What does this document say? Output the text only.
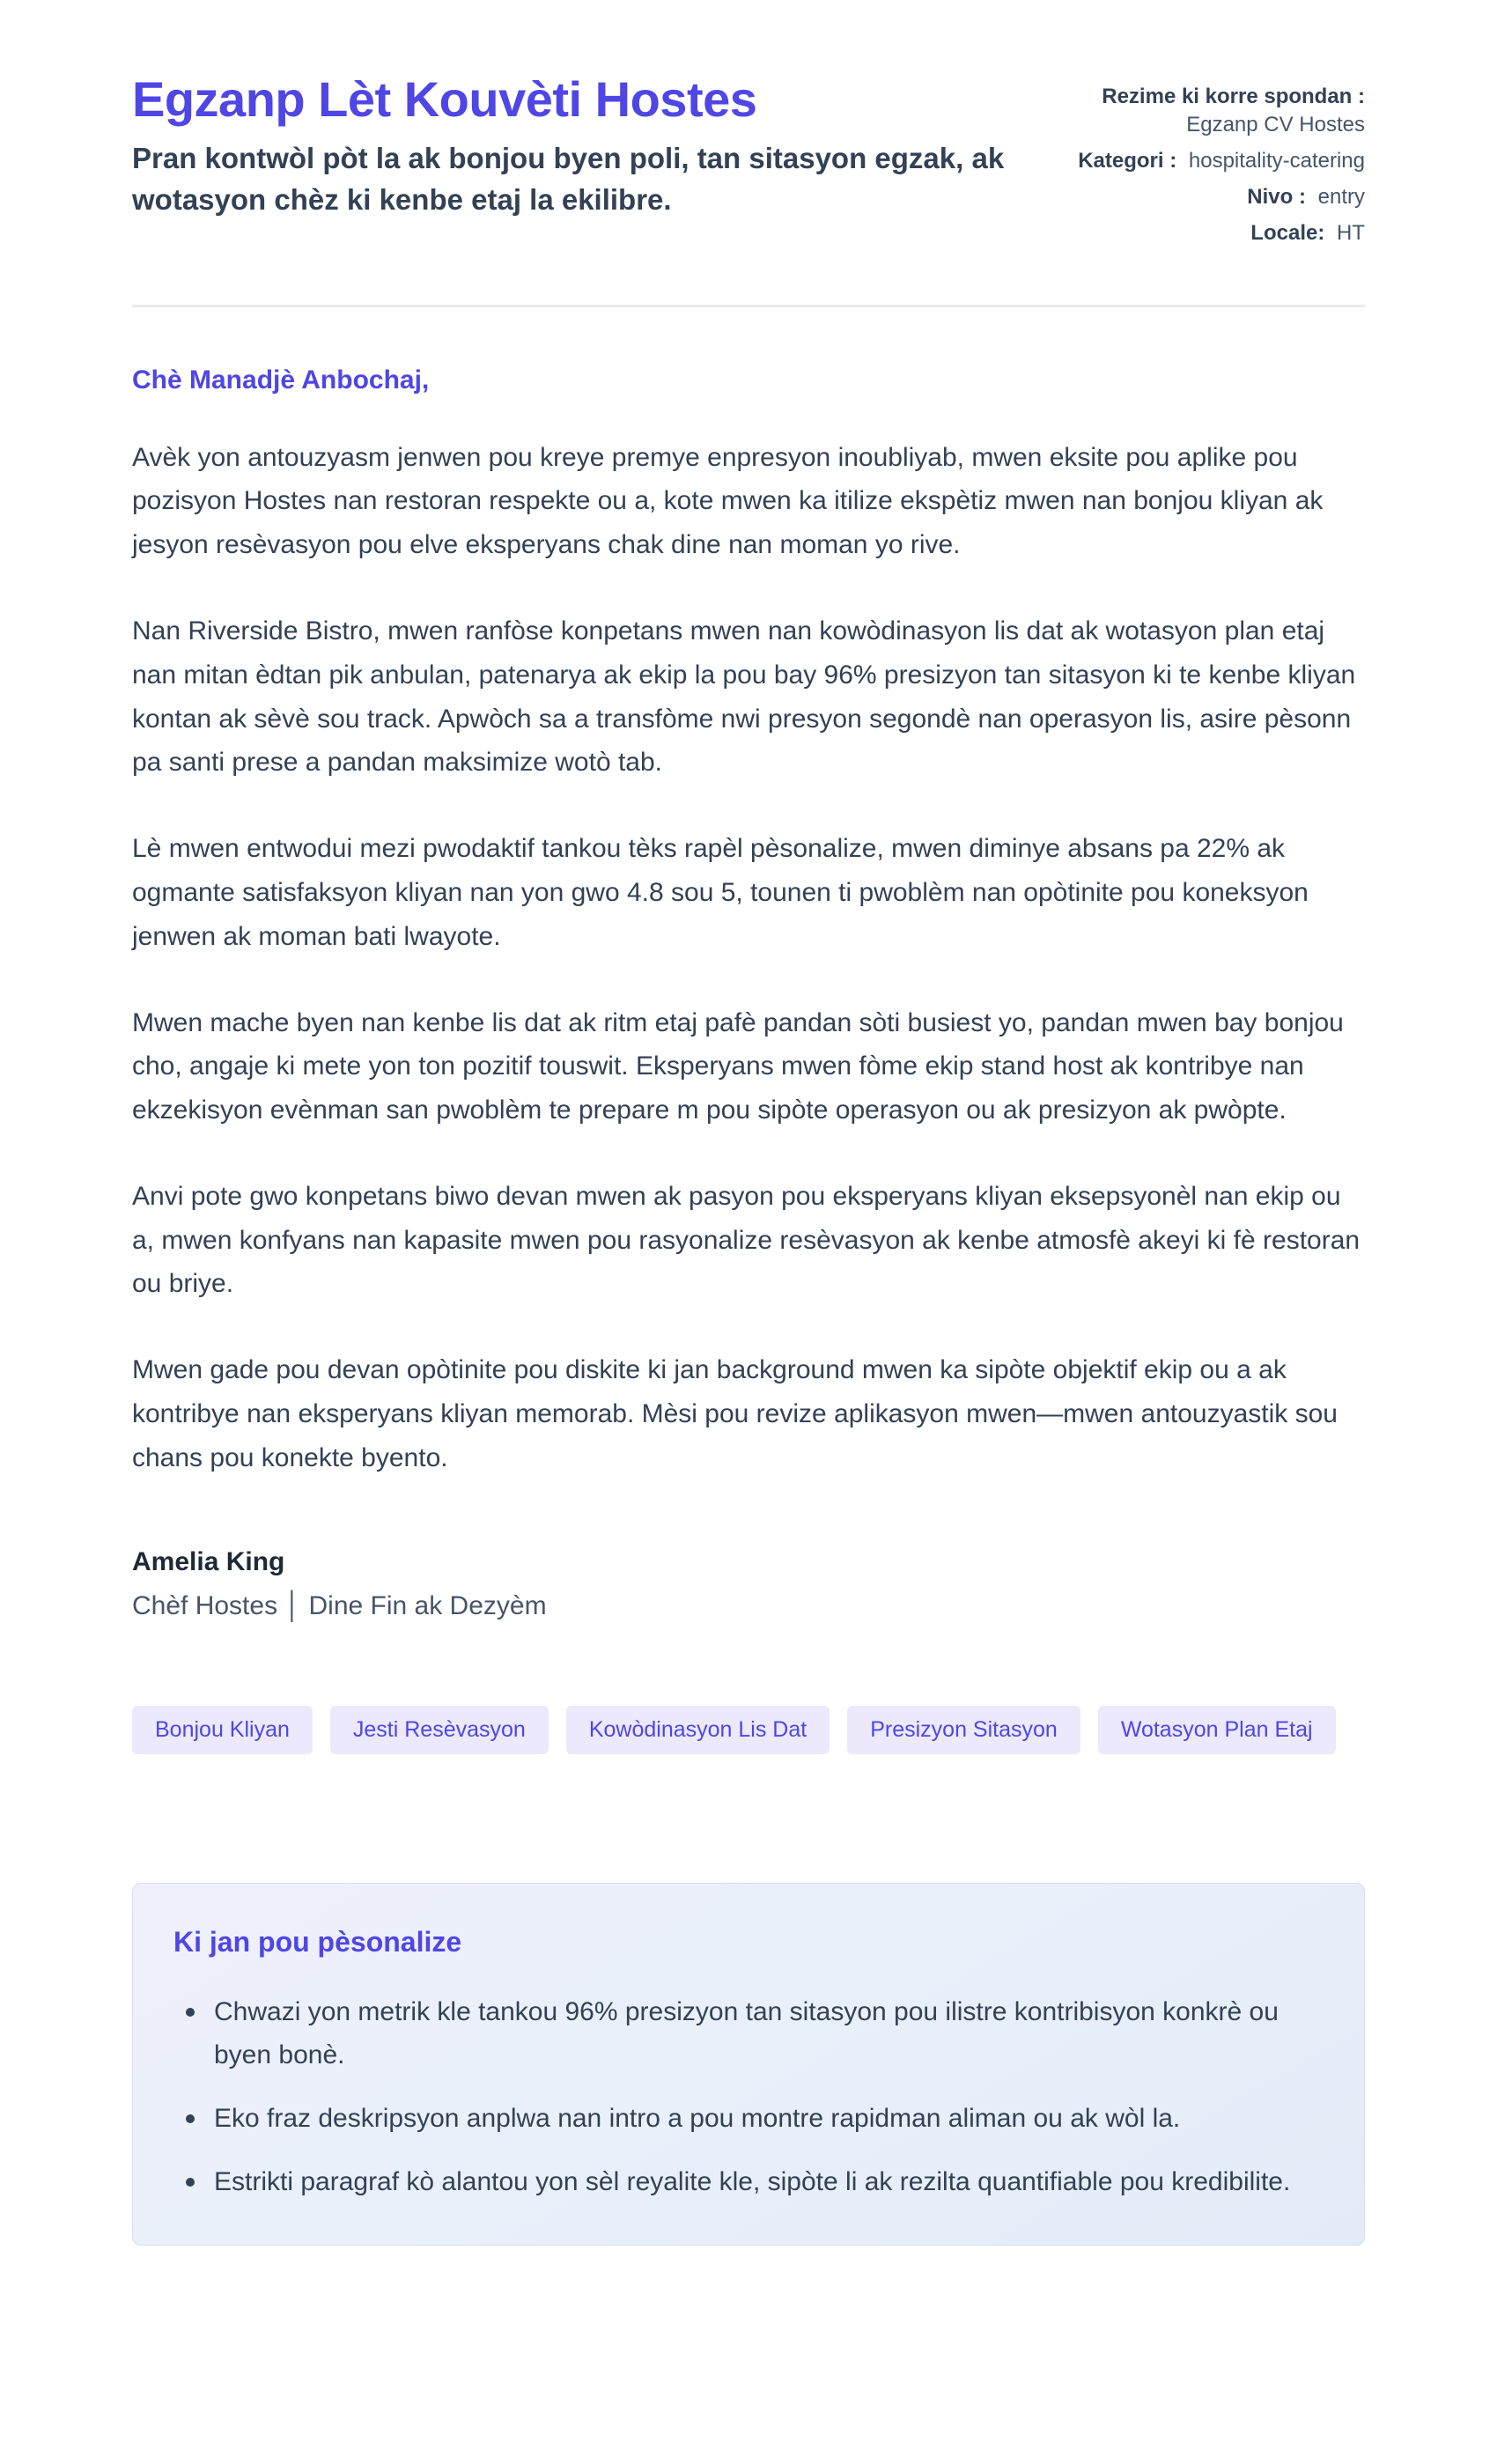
Egzanp Lèt Kouvèti Hostes

Pran kontwòl pòt la ak bonjou byen poli, tan sitasyon egzak, ak wotasyon chèz ki kenbe etaj la ekilibre.

Rezime ki korre spondan :
Egzanp CV Hostes
Kategori : hospitality-catering
Nivo : entry
Locale: HT

Chè Manadjè Anbochaj,

Avèk yon antouzyasm jenwen pou kreye premye enpresyon inoubliyab, mwen eksite pou aplike pou pozisyon Hostes nan restoran respekte ou a, kote mwen ka itilize ekspètiz mwen nan bonjou kliyan ak jesyon resèvasyon pou elve eksperyans chak dine nan moman yo rive.

Nan Riverside Bistro, mwen ranfòse konpetans mwen nan kowòdinasyon lis dat ak wotasyon plan etaj nan mitan èdtan pik anbulan, patenarya ak ekip la pou bay 96% presizyon tan sitasyon ki te kenbe kliyan kontan ak sèvè sou track. Apwòch sa a transfòme nwi presyon segondè nan operasyon lis, asire pèsonn pa santi prese a pandan maksimize wotò tab.

Lè mwen entwodui mezi pwodaktif tankou tèks rapèl pèsonalize, mwen diminye absans pa 22% ak ogmante satisfaksyon kliyan nan yon gwo 4.8 sou 5, tounen ti pwoblèm nan opòtinite pou koneksyon jenwen ak moman bati lwayote.

Mwen mache byen nan kenbe lis dat ak ritm etaj pafè pandan sòti busiest yo, pandan mwen bay bonjou cho, angaje ki mete yon ton pozitif touswit. Eksperyans mwen fòme ekip stand host ak kontribye nan ekzekisyon evènman san pwoblèm te prepare m pou sipòte operasyon ou ak presizyon ak pwòpte.

Anvi pote gwo konpetans biwo devan mwen ak pasyon pou eksperyans kliyan eksepsyonèl nan ekip ou a, mwen konfyans nan kapasite mwen pou rasyonalize resèvasyon ak kenbe atmosfè akeyi ki fè restoran ou briye.

Mwen gade pou devan opòtinite pou diskite ki jan background mwen ka sipòte objektif ekip ou a ak kontribye nan eksperyans kliyan memorab. Mèsi pou revize aplikasyon mwen—mwen antouzyastik sou chans pou konekte byento.

Amelia King
Chèf Hostes │ Dine Fin ak Dezyèm
Bonjou Kliyan	Jesti Resèvasyon	Kowòdinasyon Lis Dat	Presizyon Sitasyon	Wotasyon Plan Etaj
Ki jan pou pèsonalize
Chwazi yon metrik kle tankou 96% presizyon tan sitasyon pou ilistre kontribisyon konkrè ou byen bonè.
Eko fraz deskripsyon anplwa nan intro a pou montre rapidman aliman ou ak wòl la.
Estrikti paragraf kò alantou yon sèl reyalite kle, sipòte li ak rezilta quantifiable pou kredibilite.
